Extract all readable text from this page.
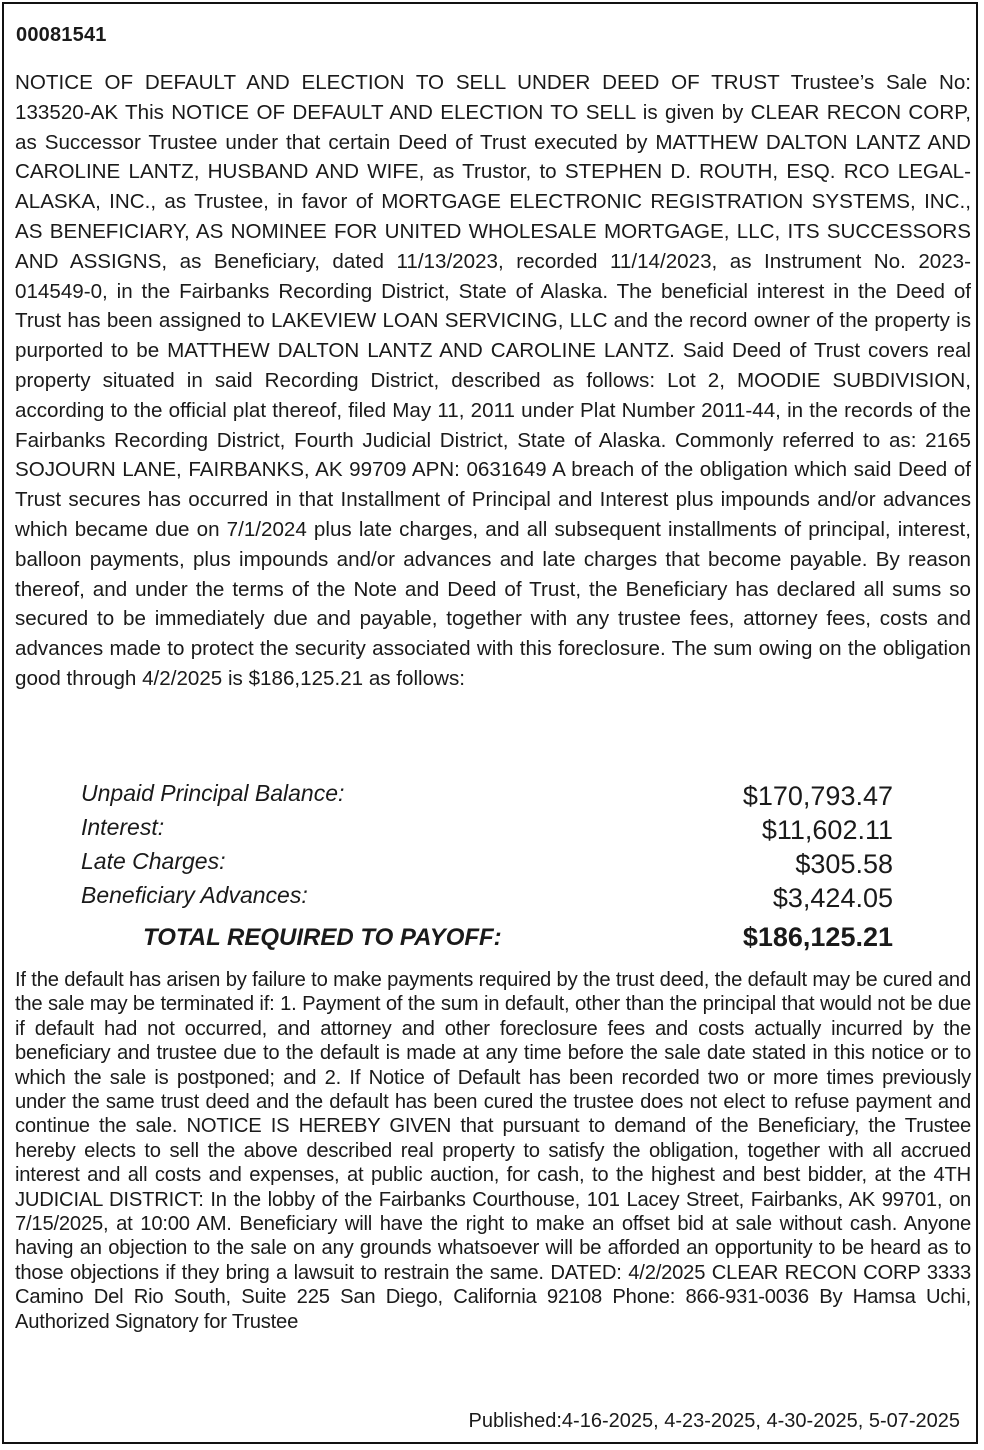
00081541

NOTICE OF DEFAULT AND ELECTION TO SELL UNDER DEED OF TRUST Trustee’s Sale No: 133520-AK This NOTICE OF DEFAULT AND ELECTION TO SELL is given by CLEAR RECON CORP, as Successor Trustee under that certain Deed of Trust executed by MATTHEW DALTON LANTZ AND CAROLINE LANTZ, HUSBAND AND WIFE, as Trustor, to STEPHEN D. ROUTH, ESQ. RCO LEGAL-ALASKA, INC., as Trustee, in favor of MORTGAGE ELECTRONIC REGISTRATION SYSTEMS, INC., AS BENEFICIARY, AS NOMINEE FOR UNITED WHOLESALE MORTGAGE, LLC, ITS SUCCESSORS AND ASSIGNS, as Beneficiary, dated 11/13/2023, recorded 11/14/2023, as Instrument No. 2023-014549-0, in the Fairbanks Recording District, State of Alaska. The beneficial interest in the Deed of Trust has been assigned to LAKEVIEW LOAN SERVICING, LLC and the record owner of the property is purported to be MATTHEW DALTON LANTZ AND CAROLINE LANTZ. Said Deed of Trust covers real property situated in said Recording District, described as follows: Lot 2, MOODIE SUBDIVISION, according to the official plat thereof, filed May 11, 2011 under Plat Number 2011-44, in the records of the Fairbanks Recording District, Fourth Judicial District, State of Alaska. Commonly referred to as: 2165 SOJOURN LANE, FAIRBANKS, AK 99709 APN: 0631649 A breach of the obligation which said Deed of Trust secures has occurred in that Installment of Principal and Interest plus impounds and/or advances which became due on 7/1/2024 plus late charges, and all subsequent installments of principal, interest, balloon payments, plus impounds and/or advances and late charges that become payable. By reason thereof, and under the terms of the Note and Deed of Trust, the Beneficiary has declared all sums so secured to be immediately due and payable, together with any trustee fees, attorney fees, costs and advances made to protect the security associated with this foreclosure. The sum owing on the obligation good through 4/2/2025 is $186,125.21 as follows:

Unpaid Principal Balance:	$170,793.47
Interest:	$11,602.11
Late Charges:	$305.58
Beneficiary Advances:	$3,424.05
TOTAL REQUIRED TO PAYOFF:	$186,125.21

If the default has arisen by failure to make payments required by the trust deed, the default may be cured and the sale may be terminated if: 1. Payment of the sum in default, other than the principal that would not be due if default had not occurred, and attorney and other foreclosure fees and costs actually incurred by the beneficiary and trustee due to the default is made at any time before the sale date stated in this notice or to which the sale is postponed; and 2. If Notice of Default has been recorded two or more times previously under the same trust deed and the default has been cured the trustee does not elect to refuse payment and continue the sale. NOTICE IS HEREBY GIVEN that pursuant to demand of the Beneficiary, the Trustee hereby elects to sell the above described real property to satisfy the obligation, together with all accrued interest and all costs and expenses, at public auction, for cash, to the highest and best bidder, at the 4TH JUDICIAL DISTRICT: In the lobby of the Fairbanks Courthouse, 101 Lacey Street, Fairbanks, AK 99701, on 7/15/2025, at 10:00 AM. Beneficiary will have the right to make an offset bid at sale without cash. Anyone having an objection to the sale on any grounds whatsoever will be afforded an opportunity to be heard as to those objections if they bring a lawsuit to restrain the same. DATED: 4/2/2025 CLEAR RECON CORP 3333 Camino Del Rio South, Suite 225 San Diego, California 92108 Phone: 866-931-0036 By Hamsa Uchi, Authorized Signatory for Trustee

Published:4-16-2025, 4-23-2025, 4-30-2025, 5-07-2025
